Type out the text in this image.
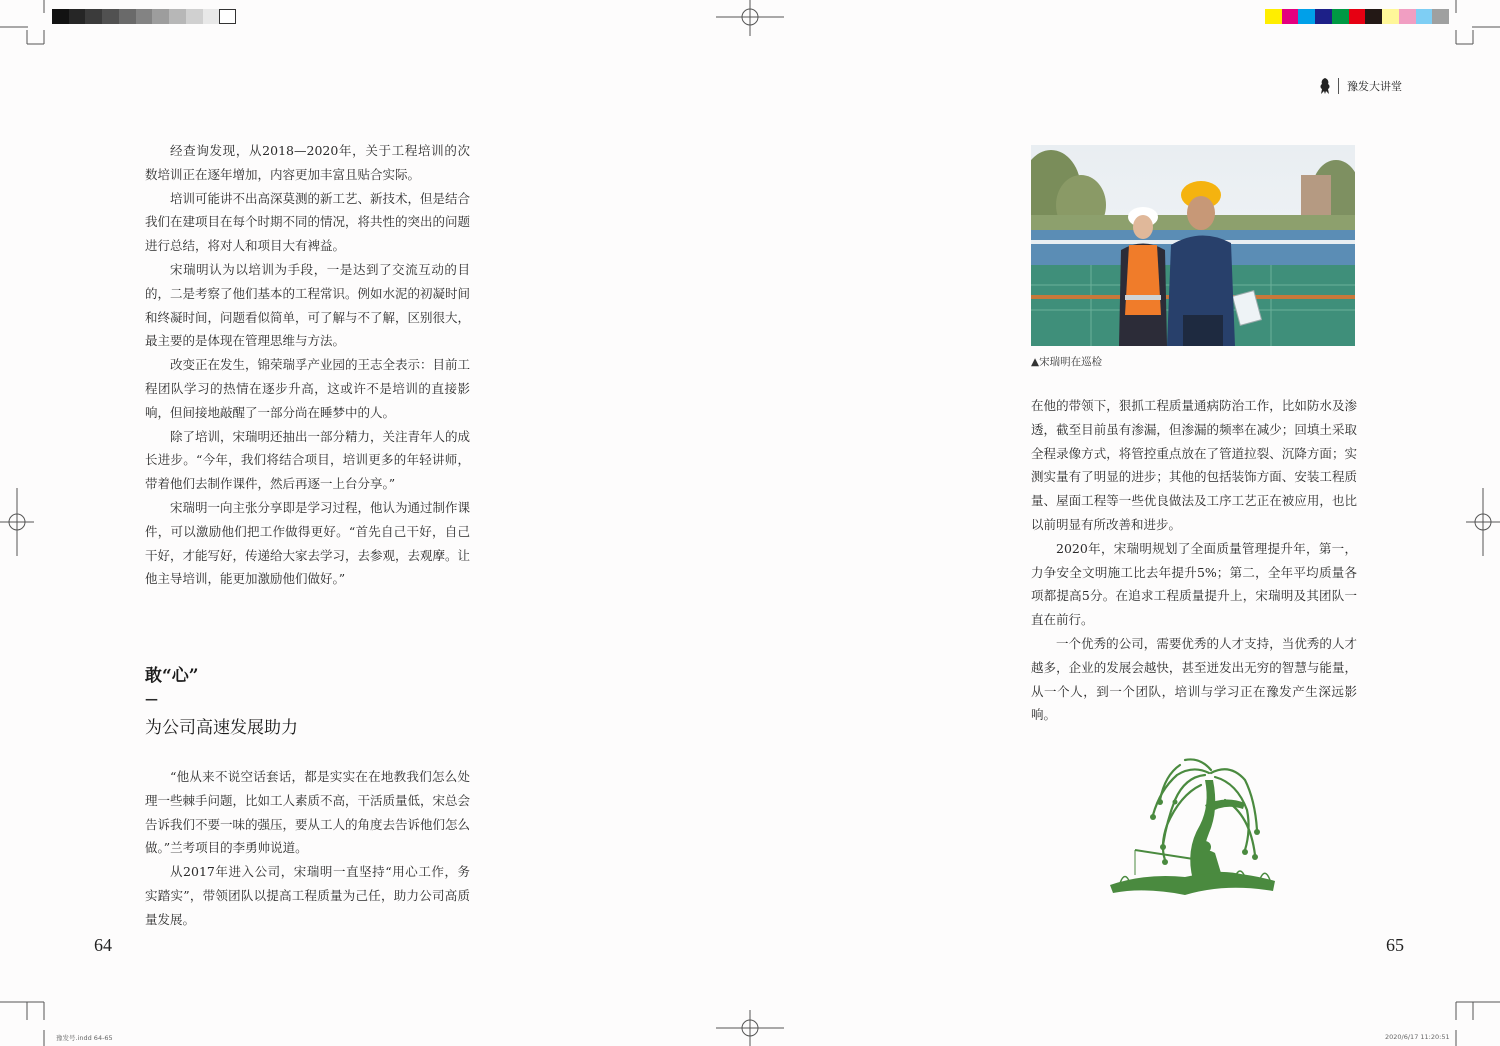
豫发大讲堂

经查询发现，从2018—2020年，关于工程培训的次数培训正在逐年增加，内容更加丰富且贴合实际。

培训可能讲不出高深莫测的新工艺、新技术，但是结合我们在建项目在每个时期不同的情况，将共性的突出的问题进行总结，将对人和项目大有裨益。

宋瑞明认为以培训为手段，一是达到了交流互动的目的，二是考察了他们基本的工程常识。例如水泥的初凝时间和终凝时间，问题看似简单，可了解与不了解，区别很大，最主要的是体现在管理思维与方法。

改变正在发生，锦荣瑞孚产业园的王志全表示：目前工程团队学习的热情在逐步升高，这或许不是培训的直接影响，但间接地敲醒了一部分尚在睡梦中的人。

除了培训，宋瑞明还抽出一部分精力，关注青年人的成长进步。“今年，我们将结合项目，培训更多的年轻讲师，带着他们去制作课件，然后再逐一上台分享。”

宋瑞明一向主张分享即是学习过程，他认为通过制作课件，可以激励他们把工作做得更好。“首先自己干好，自己干好，才能写好，传递给大家去学习，去参观，去观摩。让他主导培训，能更加激励他们做好。”

敢“心”
—
为公司高速发展助力

“他从来不说空话套话，都是实实在在地教我们怎么处理一些棘手问题，比如工人素质不高，干活质量低，宋总会告诉我们不要一味的强压，要从工人的角度去告诉他们怎么做。”兰考项目的李勇帅说道。

从2017年进入公司，宋瑞明一直坚持“用心工作，务实踏实”，带领团队以提高工程质量为己任，助力公司高质量发展。

64
▲宋瑞明在巡检

在他的带领下，狠抓工程质量通病防治工作，比如防水及渗透，截至目前虽有渗漏，但渗漏的频率在减少；回填土采取全程录像方式，将管控重点放在了管道拉裂、沉降方面；实测实量有了明显的进步；其他的包括装饰方面、安装工程质量、屋面工程等一些优良做法及工序工艺正在被应用，也比以前明显有所改善和进步。

2020年，宋瑞明规划了全面质量管理提升年，第一，力争安全文明施工比去年提升5%；第二，全年平均质量各项都提高5分。在追求工程质量提升上，宋瑞明及其团队一直在前行。

一个优秀的公司，需要优秀的人才支持，当优秀的人才越多，企业的发展会越快，甚至迸发出无穷的智慧与能量，从一个人，到一个团队，培训与学习正在豫发产生深远影响。

65
豫发号.indd 64-65	2020/6/17 11:20:51
